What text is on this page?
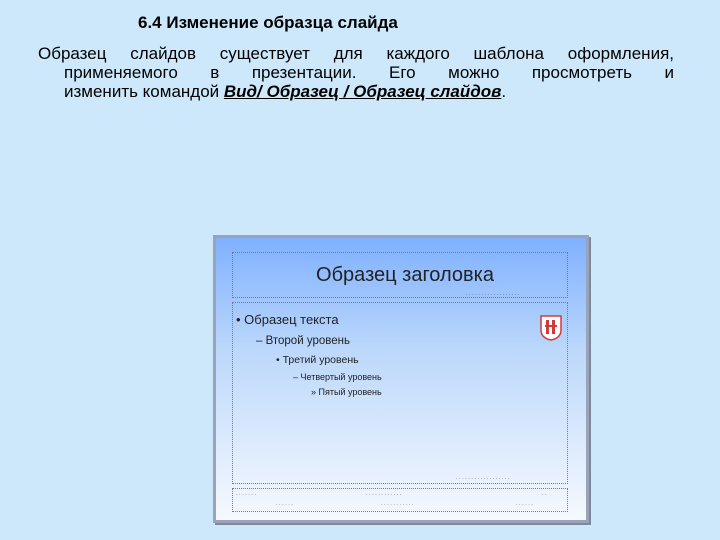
6.4 Изменение образца слайда
Образец слайдов существует для каждого шаблона оформления,
применяемого в презентации. Его можно просмотреть и
изменить командой Вид/ Образец / Образец слайдов.
Образец заголовка
· · · · · · · · · · · · · · · · · ·
• Образец текста
– Второй уровень
• Третий уровень
– Четвертый уровень
» Пятый уровень
· · · · · · · · · · · · · · · · · ·
· · · · · · ·	· · · · · · · · · · · ·	· ·
· · · · · ·	· · · · · · · · · · ·	· · · · · ·
